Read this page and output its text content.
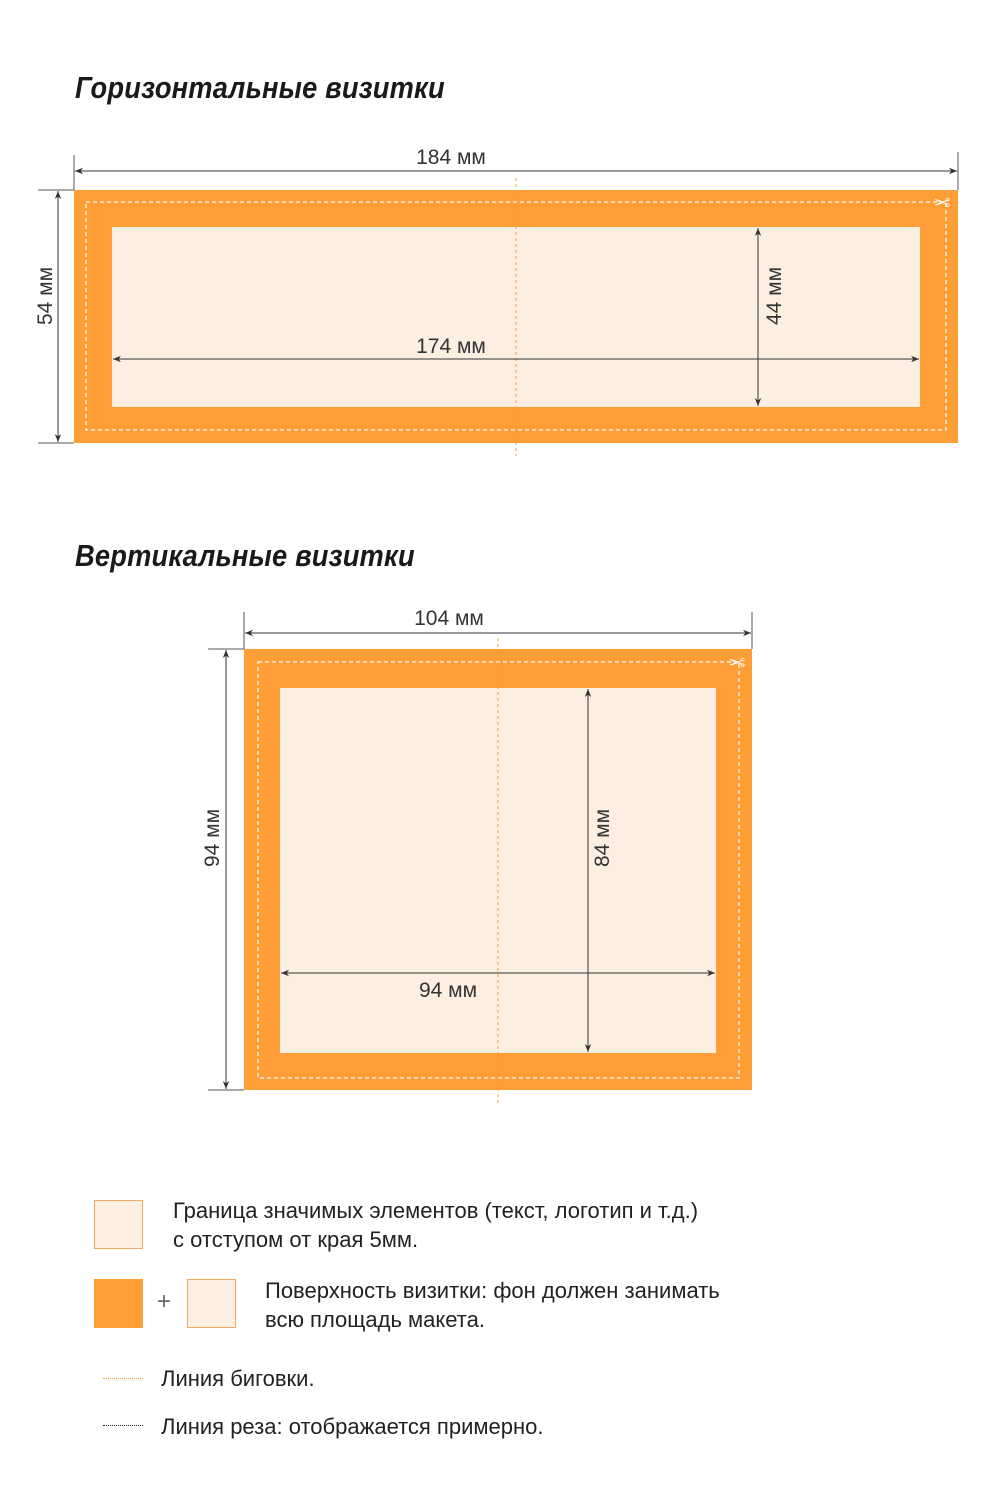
Горизонтальные визитки
Вертикальные визитки
✂
184 мм
54 мм
174 мм
44 мм
✂
104 мм
94 мм
94 мм
84 мм
Граница значимых элементов (текст, логотип и т.д.)
с отступом от края 5мм.
+	Поверхность визитки: фон должен занимать
всю площадь макета.
Линия биговки.
Линия реза: отображается примерно.
